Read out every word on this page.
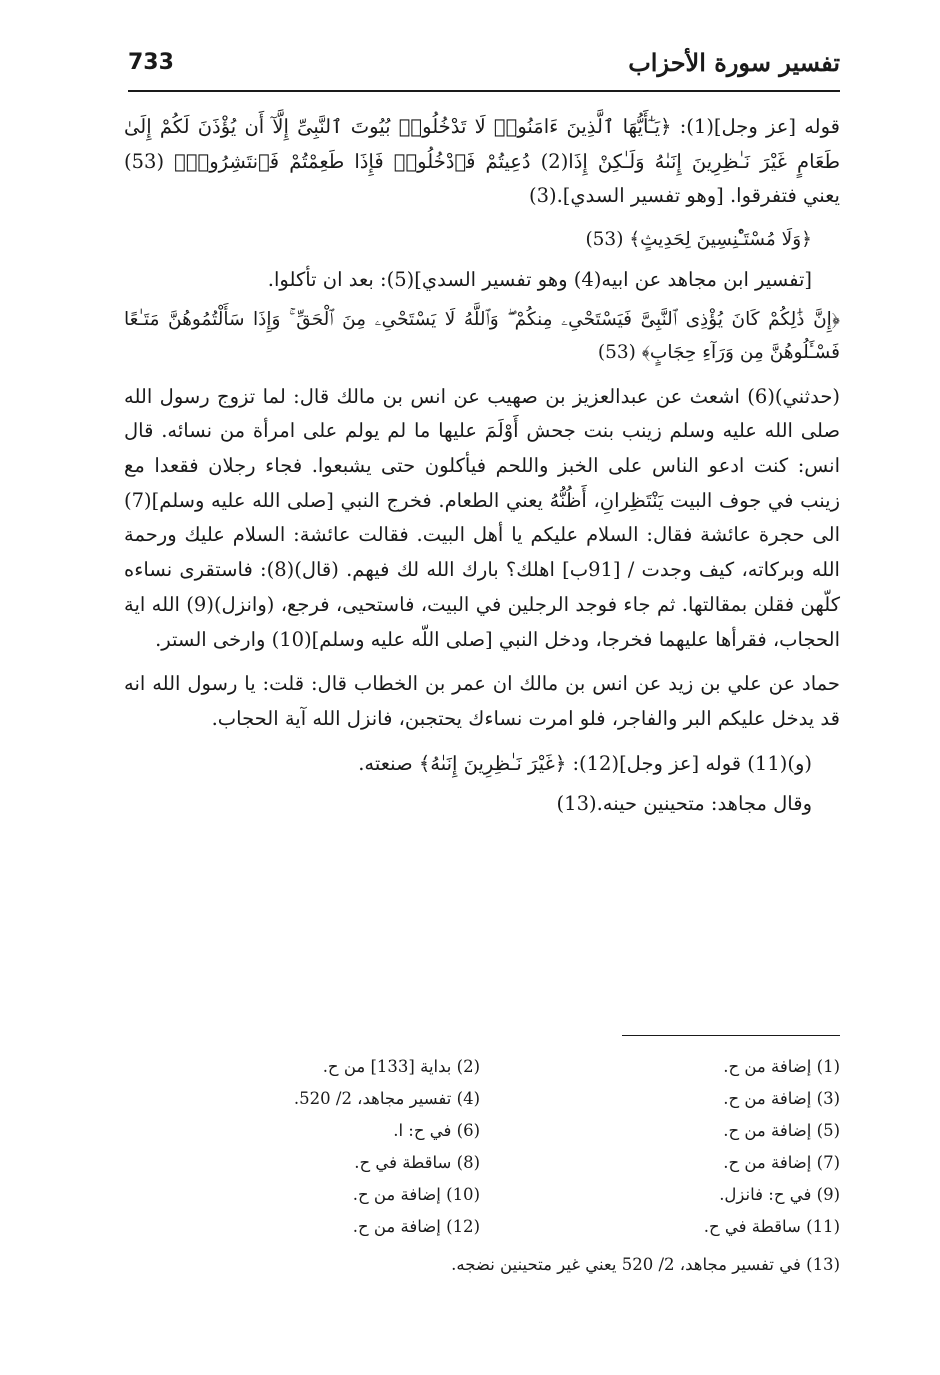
733	تفسير سورة الأحزاب

قوله [عز وجل](1): ﴿يَـٰٓأَيُّهَا ٱلَّذِينَ ءَامَنُوا۟ لَا تَدْخُلُوا۟ بُيُوتَ ٱلنَّبِىِّ إِلَّآ أَن يُؤْذَنَ لَكُمْ إِلَىٰ طَعَامٍ غَيْرَ نَـٰظِرِينَ إِنَىٰهُ وَلَـٰكِنْ إِذَا(2) دُعِيتُمْ فَٱدْخُلُوا۟ فَإِذَا طَعِمْتُمْ فَٱنتَشِرُوا۟﴾ (53) يعني فتفرقوا. [وهو تفسير السدي].(3)

﴿وَلَا مُسْتَـْٔنِسِينَ لِحَدِيثٍ﴾ (53)

[تفسير ابن مجاهد عن ابيه(4) وهو تفسير السدي](5): بعد ان تأكلوا.

﴿إِنَّ ذَٰلِكُمْ كَانَ يُؤْذِى ٱلنَّبِىَّ فَيَسْتَحْىِۦ مِنكُمْ ۖ وَٱللَّهُ لَا يَسْتَحْىِۦ مِنَ ٱلْحَقِّ ۚ وَإِذَا سَأَلْتُمُوهُنَّ مَتَـٰعًا فَسْـَٔلُوهُنَّ مِن وَرَآءِ حِجَابٍ﴾ (53)

(حدثني)(6) اشعث عن عبدالعزيز بن صهيب عن انس بن مالك قال: لما تزوج رسول الله صلى الله عليه وسلم زينب بنت جحش أَوْلَمَ عليها ما لم يولم على امرأة من نسائه. قال انس: كنت ادعو الناس على الخبز واللحم فيأكلون حتى يشبعوا. فجاء رجلان فقعدا مع زينب في جوف البيت يَنْتَظِرانِ، أَظُنُّهُ يعني الطعام. فخرج النبي [صلى الله عليه وسلم](7) الى حجرة عائشة فقال: السلام عليكم يا أهل البيت. فقالت عائشة: السلام عليك ورحمة الله وبركاته، كيف وجدت / [91ب] اهلك؟ بارك الله لك فيهم. (قال)(8): فاستقرى نساءه كلّهن فقلن بمقالتها. ثم جاء فوجد الرجلين في البيت، فاستحيى، فرجع، (وانزل)(9) الله اية الحجاب، فقرأها عليهما فخرجا، ودخل النبي [صلى اللّه عليه وسلم](10) وارخى الستر.

حماد عن علي بن زيد عن انس بن مالك ان عمر بن الخطاب قال: قلت: يا رسول الله انه قد يدخل عليكم البر والفاجر، فلو امرت نساءك يحتجبن، فانزل الله آية الحجاب.

(و)(11) قوله [عز وجل](12): ﴿غَيْرَ نَـٰظِرِينَ إِنَىٰهُ﴾ صنعته.

وقال مجاهد: متحينين حينه.(13)

(1) إضافة من ح.
(2) بداية [133] من ح.
(3) إضافة من ح.
(4) تفسير مجاهد، 2/ 520.
(5) إضافة من ح.
(6) في ح: ا.
(7) إضافة من ح.
(8) ساقطة في ح.
(9) في ح: فانزل.
(10) إضافة من ح.
(11) ساقطة في ح.
(12) إضافة من ح.
(13) في تفسير مجاهد، 2/ 520 يعني غير متحينين نضجه.
